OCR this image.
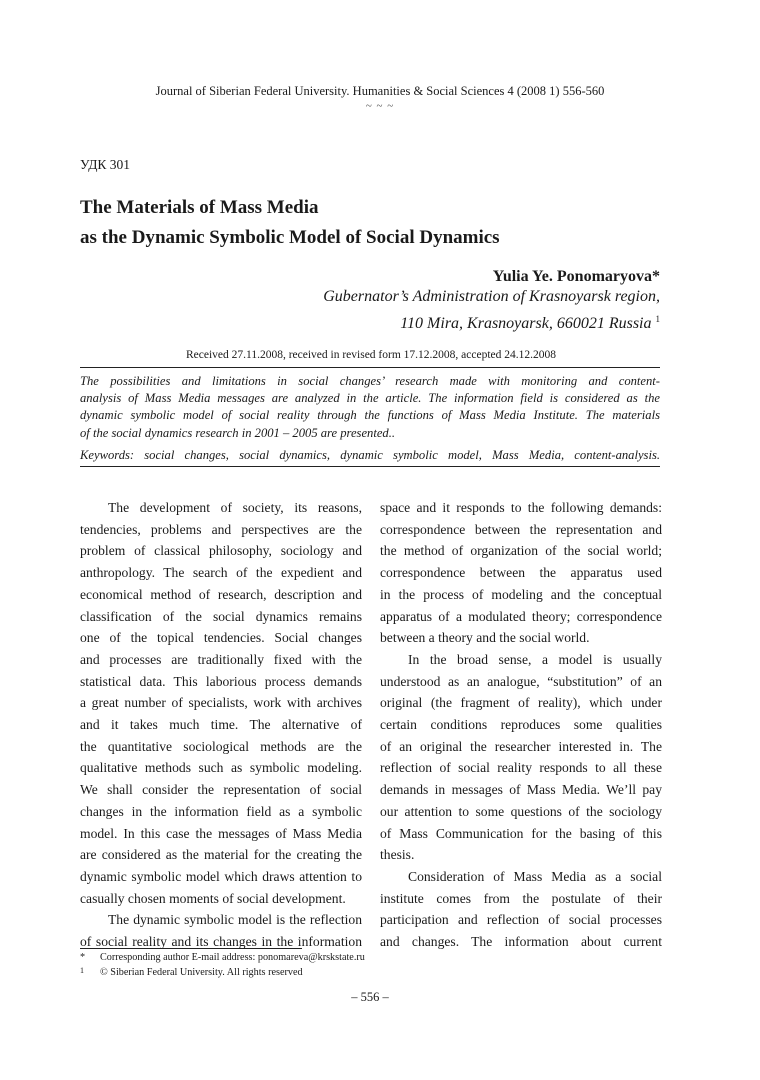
Journal of Siberian Federal University. Humanities & Social Sciences 4 (2008 1) 556-560
~ ~ ~
УДК 301
The Materials of Mass Media
as the Dynamic Symbolic Model of Social Dynamics
Yulia Ye. Ponomaryova*
Gubernator’s Administration of Krasnoyarsk region,
110 Mira, Krasnoyarsk, 660021 Russia $^1$
Received 27.11.2008, received in revised form 17.12.2008, accepted 24.12.2008
The possibilities and limitations in social changes’ research made with monitoring and content-
analysis of Mass Media messages are analyzed in the article. The information field is considered as the
dynamic symbolic model of social reality through the functions of Mass Media Institute. The materials
of the social dynamics research in 2001 – 2005 are presented..
Keywords: social changes, social dynamics, dynamic symbolic model, Mass Media, content-analysis.
The development of society, its reasons,
tendencies, problems and perspectives are the
problem of classical philosophy, sociology and
anthropology. The search of the expedient and
economical method of research, description and
classification of the social dynamics remains
one of the topical tendencies. Social changes
and processes are traditionally fixed with the
statistical data. This laborious process demands
a great number of specialists, work with archives
and it takes much time. The alternative of
the quantitative sociological methods are the
qualitative methods such as symbolic modeling.
We shall consider the representation of social
changes in the information field as a symbolic
model. In this case the messages of Mass Media
are considered as the material for the creating the
dynamic symbolic model which draws attention to
casually chosen moments of social development.
The dynamic symbolic model is the reflection
of social reality and its changes in the information
space and it responds to the following demands:
correspondence between the representation and
the method of organization of the social world;
correspondence between the apparatus used
in the process of modeling and the conceptual
apparatus of a modulated theory; correspondence
between a theory and the social world.
In the broad sense, a model is usually
understood as an analogue, “substitution” of an
original (the fragment of reality), which under
certain conditions reproduces some qualities
of an original the researcher interested in. The
reflection of social reality responds to all these
demands in messages of Mass Media. We’ll pay
our attention to some questions of the sociology
of Mass Communication for the basing of this
thesis.
Consideration of Mass Media as a social
institute comes from the postulate of their
participation and reflection of social processes
and changes. The information about current
* Corresponding author E-mail address: ponomareva@krskstate.ru
1 © Siberian Federal University. All rights reserved
– 556 –
